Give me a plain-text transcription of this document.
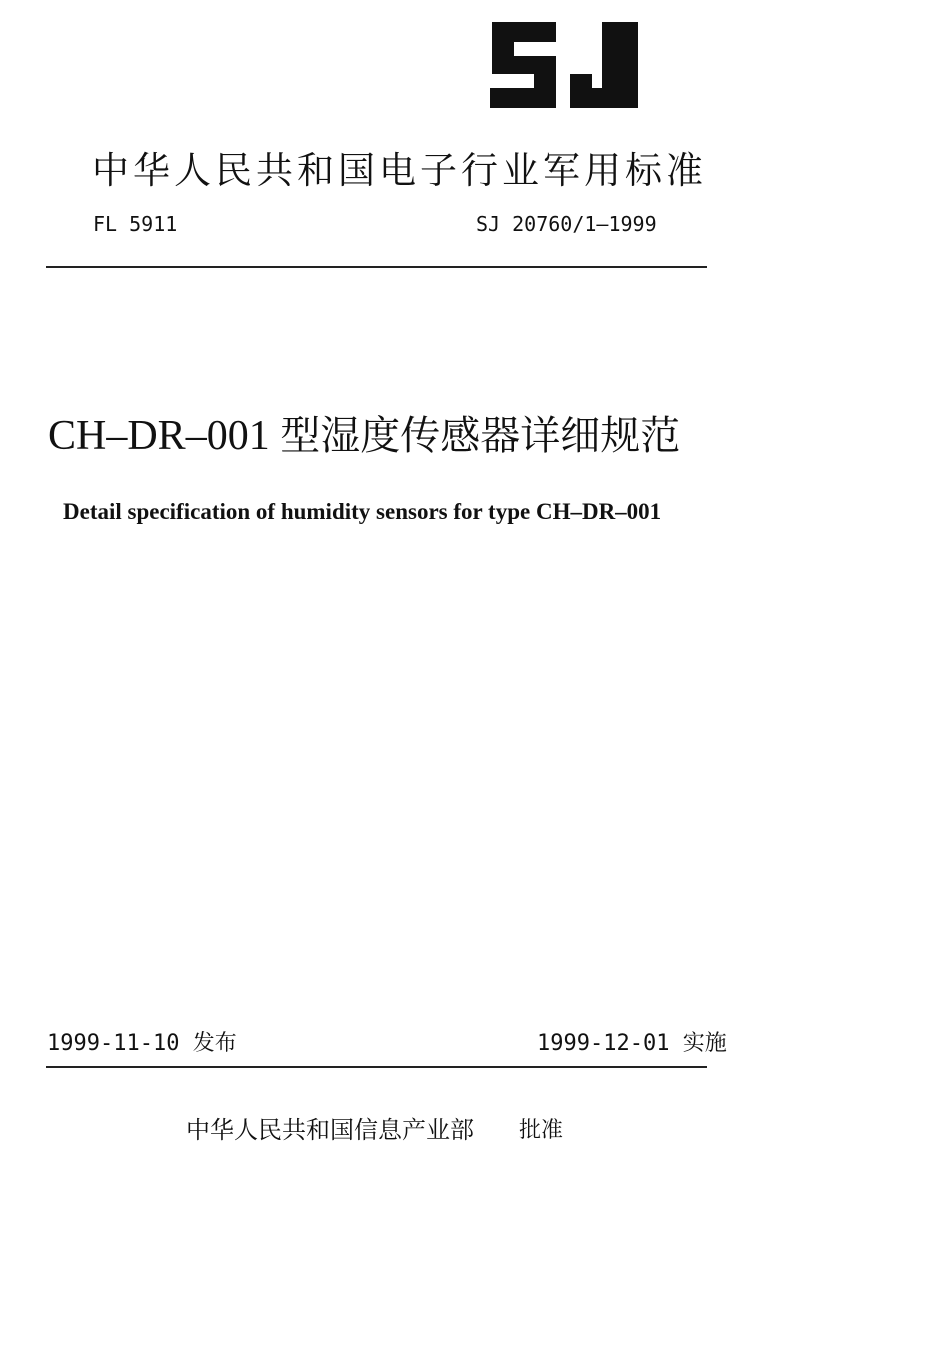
中华人民共和国电子行业军用标准
FL 5911	SJ 20760/1—1999
CH–DR–001 型湿度传感器详细规范
Detail specification of humidity sensors for type CH–DR–001
1999-11-10 发布	1999-12-01 实施
中华人民共和国信息产业部 批准
